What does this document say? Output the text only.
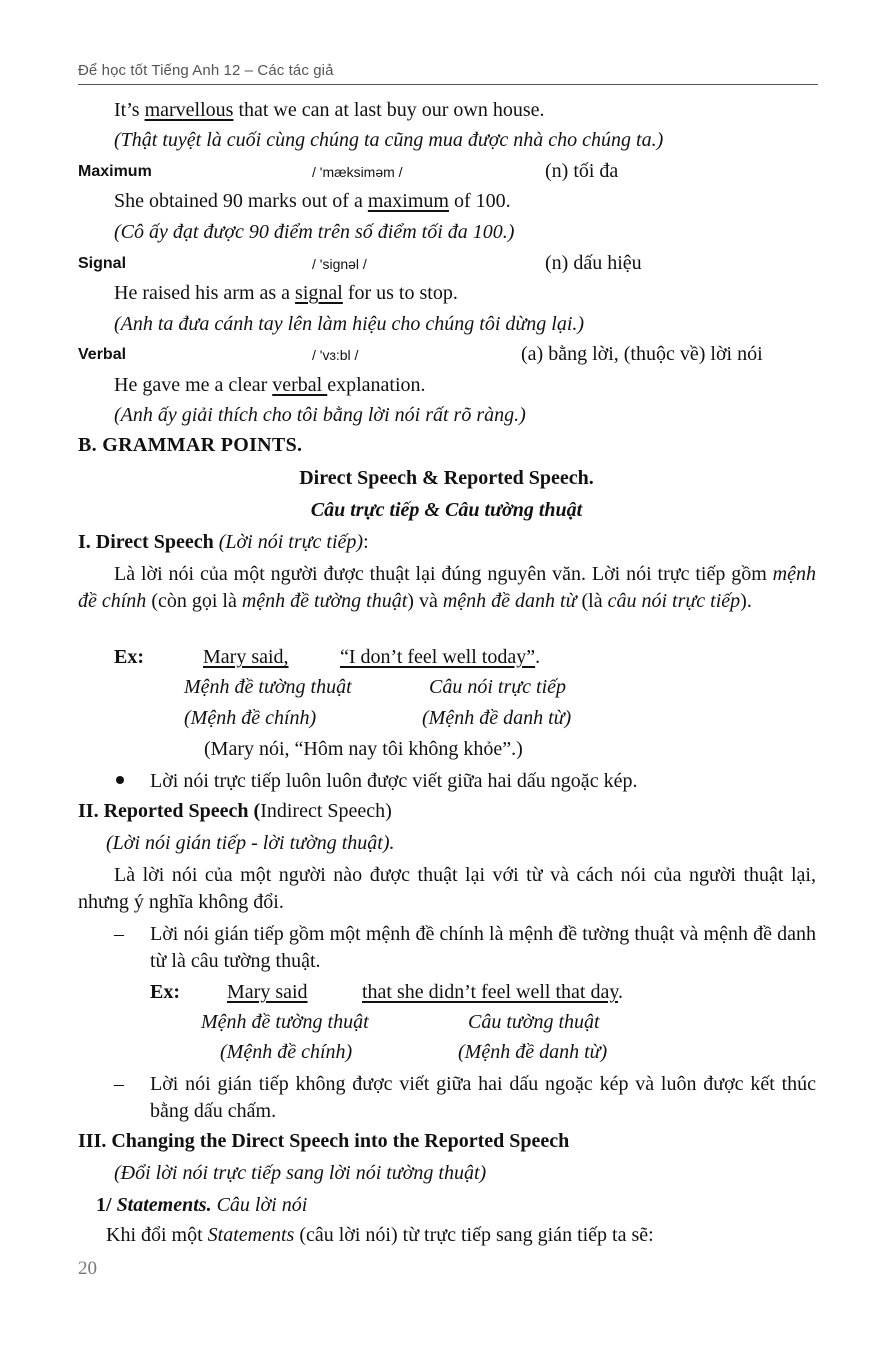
Để học tốt Tiếng Anh 12 – Các tác giả
It’s marvellous that we can at last buy our own house.
(Thật tuyệt là cuối cùng chúng ta cũng mua được nhà cho chúng ta.)
Maximum	/ 'mæksiməm /	(n) tối đa
She obtained 90 marks out of a maximum of 100.
(Cô ấy đạt được 90 điểm trên số điểm tối đa 100.)
Signal	/ 'signəl /	(n) dấu hiệu
He raised his arm as a signal for us to stop.
(Anh ta đưa cánh tay lên làm hiệu cho chúng tôi dừng lại.)
Verbal	/ 'vɜ:bl /	(a) bằng lời, (thuộc về) lời nói
He gave me a clear verbal explanation.
(Anh ấy giải thích cho tôi bằng lời nói rất rõ ràng.)
B. GRAMMAR POINTS.
Direct Speech & Reported Speech.
Câu trực tiếp & Câu tường thuật
I. Direct Speech (Lời nói trực tiếp):
Là lời nói của một người được thuật lại đúng nguyên văn. Lời nói trực tiếp gồm mệnh đề chính (còn gọi là mệnh đề tường thuật) và mệnh đề danh từ (là câu nói trực tiếp).
Ex:	Mary said,	“I don’t feel well today”.
Mệnh đề tường thuật	Câu nói trực tiếp
(Mệnh đề chính)	(Mệnh đề danh từ)
(Mary nói, “Hôm nay tôi không khỏe”.)
Lời nói trực tiếp luôn luôn được viết giữa hai dấu ngoặc kép.
II. Reported Speech (Indirect Speech)
(Lời nói gián tiếp - lời tường thuật).
Là lời nói của một người nào được thuật lại với từ và cách nói của người thuật lại, nhưng ý nghĩa không đổi.
– Lời nói gián tiếp gồm một mệnh đề chính là mệnh đề tường thuật và mệnh đề danh từ là câu tường thuật.
Ex: Mary said	that she didn’t feel well that day.
Mệnh đề tường thuật	Câu tường thuật
(Mệnh đề chính)	(Mệnh đề danh từ)
– Lời nói gián tiếp không được viết giữa hai dấu ngoặc kép và luôn được kết thúc bằng dấu chấm.
III. Changing the Direct Speech into the Reported Speech
(Đổi lời nói trực tiếp sang lời nói tường thuật)
1/ Statements. Câu lời nói
Khi đổi một Statements (câu lời nói) từ trực tiếp sang gián tiếp ta sẽ:
20
